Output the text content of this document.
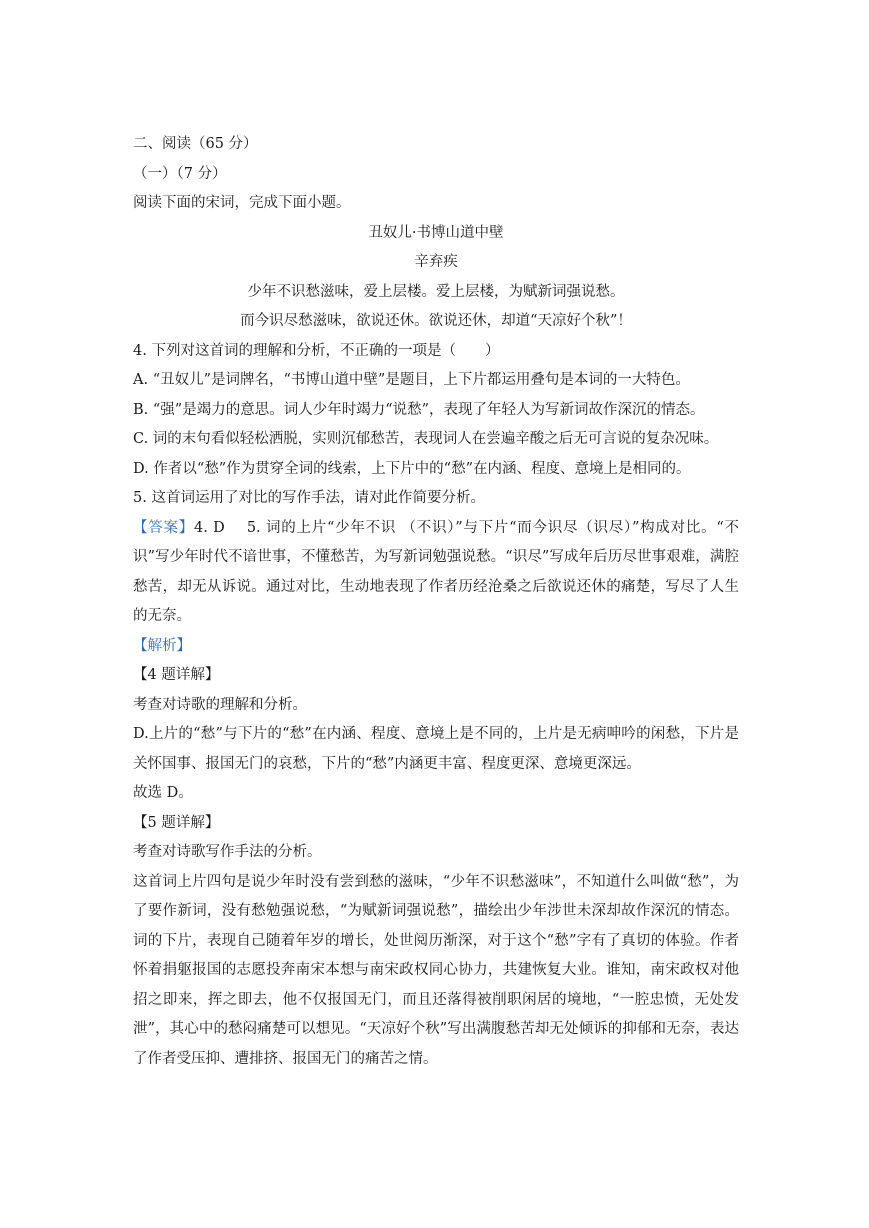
二、阅读（65 分）

（一）（7 分）

阅读下面的宋词，完成下面小题。

丑奴儿·书博山道中壁

辛弃疾

少年不识愁滋味，爱上层楼。爱上层楼，为赋新词强说愁。

而今识尽愁滋味，欲说还休。欲说还休，却道“天凉好个秋”！

4. 下列对这首词的理解和分析，不正确的一项是（　　）

A. “丑奴儿”是词牌名，“书博山道中壁”是题目，上下片都运用叠句是本词的一大特色。

B. “强”是竭力的意思。词人少年时竭力“说愁”，表现了年轻人为写新词故作深沉的情态。

C. 词的末句看似轻松洒脱，实则沉郁愁苦，表现词人在尝遍辛酸之后无可言说的复杂况味。

D. 作者以“愁”作为贯穿全词的线索，上下片中的“愁”在内涵、程度、意境上是相同的。

5. 这首词运用了对比的写作手法，请对此作简要分析。

【答案】4. D 5. 词的上片“少年不识 （不识）”与下片“而今识尽（识尽）”构成对比。“不识”写少年时代不谙世事，不懂愁苦，为写新词勉强说愁。“识尽”写成年后历尽世事艰难，满腔愁苦，却无从诉说。通过对比，生动地表现了作者历经沧桑之后欲说还休的痛楚，写尽了人生的无奈。

【解析】

【4 题详解】

考查对诗歌的理解和分析。

D.上片的“愁”与下片的“愁”在内涵、程度、意境上是不同的，上片是无病呻吟的闲愁，下片是关怀国事、报国无门的哀愁，下片的“愁”内涵更丰富、程度更深、意境更深远。

故选 D。

【5 题详解】

考查对诗歌写作手法的分析。

这首词上片四句是说少年时没有尝到愁的滋味，“少年不识愁滋味”，不知道什么叫做“愁”，为了要作新词，没有愁勉强说愁，“为赋新词强说愁”，描绘出少年涉世未深却故作深沉的情态。词的下片，表现自己随着年岁的增长，处世阅历渐深，对于这个“愁”字有了真切的体验。作者怀着捐躯报国的志愿投奔南宋本想与南宋政权同心协力，共建恢复大业。谁知，南宋政权对他招之即来，挥之即去，他不仅报国无门，而且还落得被削职闲居的境地，“一腔忠愤，无处发泄”，其心中的愁闷痛楚可以想见。“天凉好个秋”写出满腹愁苦却无处倾诉的抑郁和无奈，表达了作者受压抑、遭排挤、报国无门的痛苦之情。
